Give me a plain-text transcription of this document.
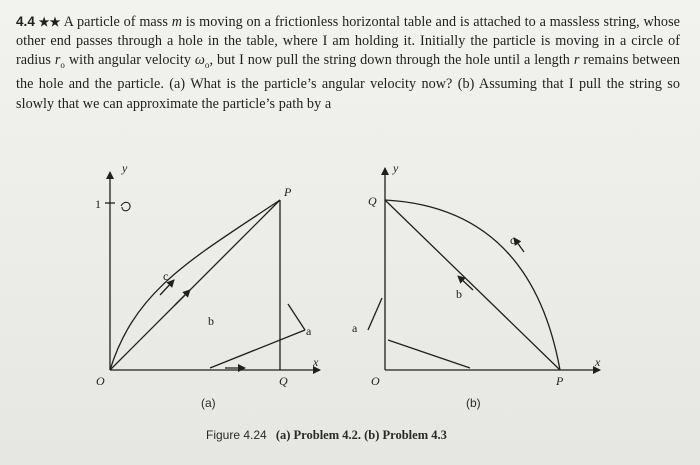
4.4 ★★ A particle of mass m is moving on a frictionless horizontal table and is attached to a massless string, whose other end passes through a hole in the table, where I am holding it. Initially the particle is moving in a circle of radius $r_o$ with angular velocity $\omega_o$, but I now pull the string down through the hole until a length r remains between the hole and the particle. (a) What is the particle’s angular velocity now? (b) Assuming that I pull the string so slowly that we can approximate the particle’s path by a
y
1
P
c
b
a
x
O	Q
y
Q
c
b
a
x
O	P
(a)	(b)
Figure 4.24 (a) Problem 4.2. (b) Problem 4.3
